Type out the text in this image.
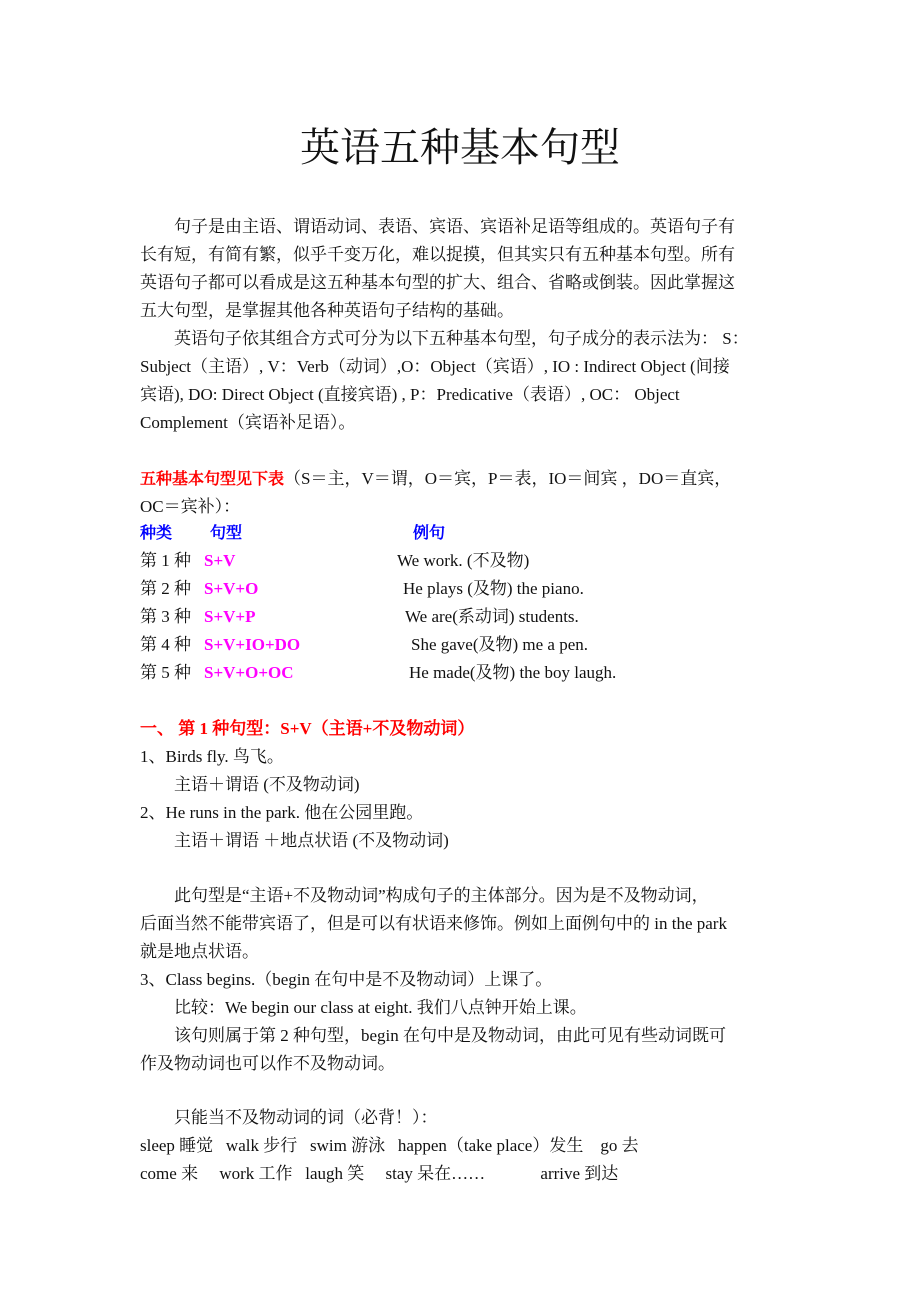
英语五种基本句型
　　句子是由主语、谓语动词、表语、宾语、宾语补足语等组成的。英语句子有
长有短，有简有繁，似乎千变万化，难以捉摸，但其实只有五种基本句型。所有
英语句子都可以看成是这五种基本句型的扩大、组合、省略或倒装。因此掌握这
五大句型，是掌握其他各种英语句子结构的基础。
　　英语句子依其组合方式可分为以下五种基本句型，句子成分的表示法为： S：
Subject（主语）, V：Verb（动词）,O：Object（宾语）, IO : Indirect Object (间接
宾语), DO: Direct Object (直接宾语) , P：Predicative（表语）, OC： Object
Complement（宾语补足语）。
五种基本句型见下表（S＝主，V＝谓，O＝宾，P＝表，IO＝间宾 ，DO＝直宾，
OC＝宾补）：
种类 句型	例句
第 1 种 S+V	We work. (不及物)
第 2 种 S+V+O	He plays (及物) the piano.
第 3 种 S+V+P	We are(系动词) students.
第 4 种 S+V+IO+DO	She gave(及物) me a pen.
第 5 种 S+V+O+OC	He made(及物) the boy laugh.
一、 第 1 种句型：S+V（主语+不及物动词）
1、Birds fly. 鸟飞。
　　主语＋谓语 (不及物动词)
2、He runs in the park. 他在公园里跑。
　　主语＋谓语 ＋地点状语 (不及物动词)
　　此句型是“主语+不及物动词”构成句子的主体部分。因为是不及物动词，
后面当然不能带宾语了，但是可以有状语来修饰。例如上面例句中的 in the park
就是地点状语。
3、Class begins.（begin 在句中是不及物动词）上课了。
　　比较：We begin our class at eight. 我们八点钟开始上课。
　　该句则属于第 2 种句型，begin 在句中是及物动词，由此可见有些动词既可
作及物动词也可以作不及物动词。
　　只能当不及物动词的词（必背！）：
sleep 睡觉   walk 步行   swim 游泳   happen（take place）发生    go 去
come 来     work 工作   laugh 笑     stay 呆在……             arrive 到达
